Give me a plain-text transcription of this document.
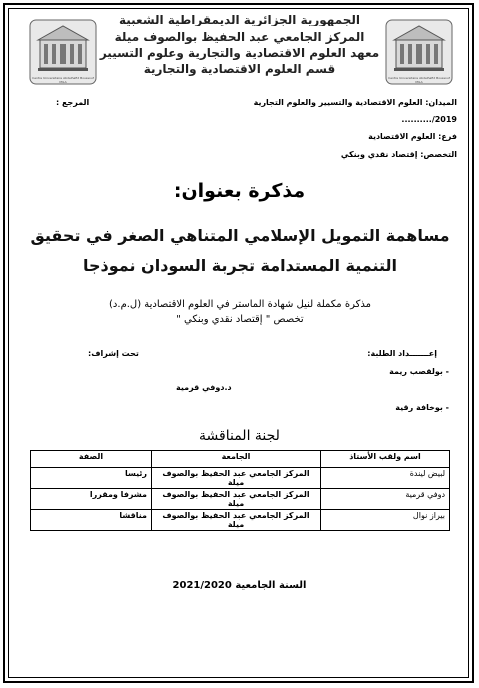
Centre Universitaire Abdelhafid Boussouf MILA
Centre Universitaire Abdelhafid Boussouf MILA
الجمهورية الجزائرية الديمقراطية الشعبية
المركز الجامعي عبد الحفيظ بوالصوف ميلة
معهد العلوم الاقتصادية والتجارية وعلوم التسيير
قسم العلوم الاقتصادية والتجارية
الميدان: العلوم الاقتصادية والتسيير والعلوم التجارية
المرجع :
2019/..........
فرع: العلوم الاقتصادية
التخصص: إقتصاد نقدي وبنكي
مذكرة بعنوان:
مساهمة التمويل الإسلامي المتناهي الصغر في تحقيق
التنمية المستدامة تجربة السودان نموذجا
مذكرة مكملة لنيل شهادة الماستر في العلوم الاقتصادية (ل.م.د)
تخصص " إقتصاد نقدي وبنكي "
إعـــــــداد الطلبة:
تحت إشراف:
- بولقصب ريمة
د.دوفي قرمية
- بوخافة رقية
لجنة المناقشة
اسم ولقب الأستاذ	الجامعة	الصفة
لبيض ليندة	المركز الجامعي عبد الحفيظ بوالصوف ميلة	رئيسا
دوفي قرمية	المركز الجامعي عبد الحفيظ بوالصوف ميلة	مشرفا ومقررا
بيراز نوال	المركز الجامعي عبد الحفيظ بوالصوف ميلة	مناقشا
السنة الجامعية 2021/2020
